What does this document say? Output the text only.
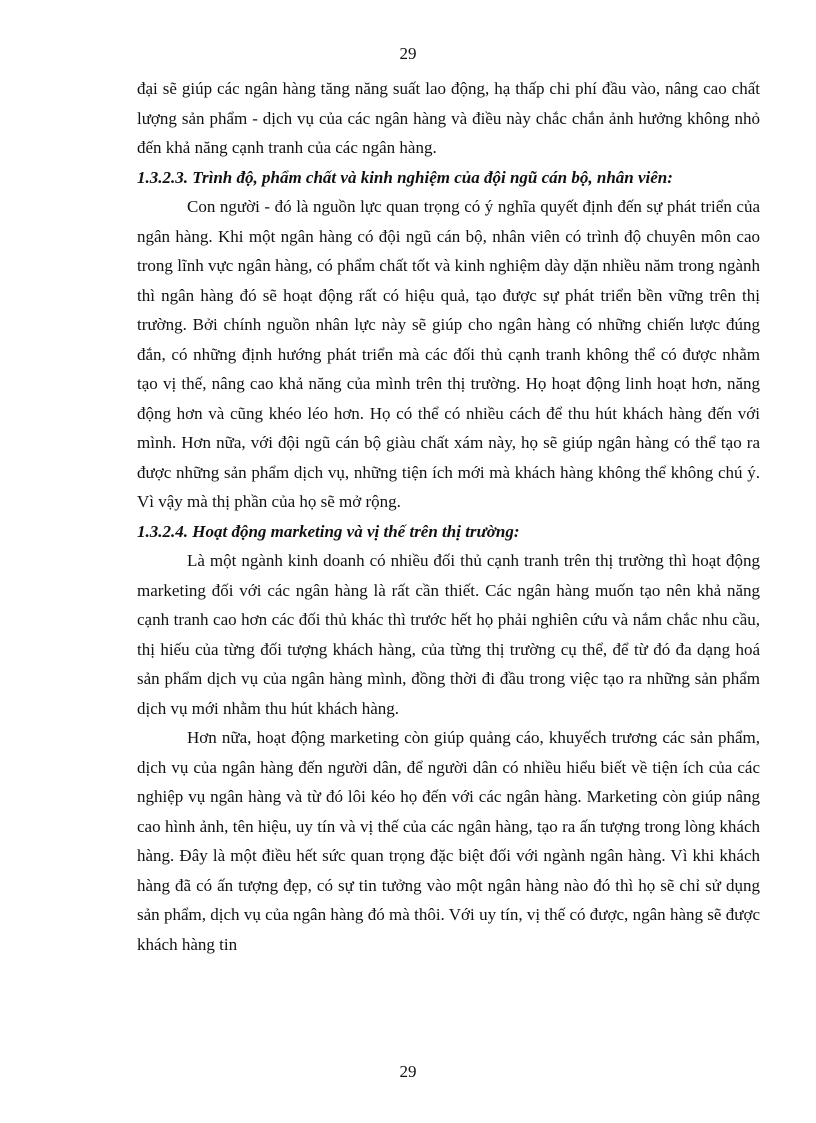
29

đại sẽ giúp các ngân hàng tăng năng suất lao động, hạ thấp chi phí đầu vào, nâng cao chất lượng sản phẩm - dịch vụ của các ngân hàng và điều này chắc chắn ảnh hưởng không nhỏ đến khả năng cạnh tranh của các ngân hàng.

1.3.2.3. Trình độ, phẩm chất và kinh nghiệm của đội ngũ cán bộ, nhân viên:

Con người - đó là nguồn lực quan trọng có ý nghĩa quyết định đến sự phát triển của ngân hàng. Khi một ngân hàng có đội ngũ cán bộ, nhân viên có trình độ chuyên môn cao trong lĩnh vực ngân hàng, có phẩm chất tốt và kinh nghiệm dày dặn nhiều năm trong ngành thì ngân hàng đó sẽ hoạt động rất có hiệu quả, tạo được sự phát triển bền vững trên thị trường. Bởi chính nguồn nhân lực này sẽ giúp cho ngân hàng có những chiến lược đúng đắn, có những định hướng phát triển mà các đối thủ cạnh tranh không thể có được nhằm tạo vị thế, nâng cao khả năng của mình trên thị trường. Họ hoạt động linh hoạt hơn, năng động hơn và cũng khéo léo hơn. Họ có thể có nhiều cách để thu hút khách hàng đến với mình. Hơn nữa, với đội ngũ cán bộ giàu chất xám này, họ sẽ giúp ngân hàng có thể tạo ra được những sản phẩm dịch vụ, những tiện ích mới mà khách hàng không thể không chú ý. Vì vậy mà thị phần của họ sẽ mở rộng.

1.3.2.4. Hoạt động marketing và vị thế trên thị trường:

Là một ngành kinh doanh có nhiều đối thủ cạnh tranh trên thị trường thì hoạt động marketing đối với các ngân hàng là rất cần thiết. Các ngân hàng muốn tạo nên khả năng cạnh tranh cao hơn các đối thủ khác thì trước hết họ phải nghiên cứu và nắm chắc nhu cầu, thị hiếu của từng đối tượng khách hàng, của từng thị trường cụ thể, để từ đó đa dạng hoá sản phẩm dịch vụ của ngân hàng mình, đồng thời đi đầu trong việc tạo ra những sản phẩm dịch vụ mới nhằm thu hút khách hàng.

Hơn nữa, hoạt động marketing còn giúp quảng cáo, khuyếch trương các sản phẩm, dịch vụ của ngân hàng đến người dân, để người dân có nhiều hiểu biết về tiện ích của các nghiệp vụ ngân hàng và từ đó lôi kéo họ đến với các ngân hàng. Marketing còn giúp nâng cao hình ảnh, tên hiệu, uy tín và vị thế của các ngân hàng, tạo ra ấn tượng trong lòng khách hàng. Đây là một điều hết sức quan trọng đặc biệt đối với ngành ngân hàng. Vì khi khách hàng đã có ấn tượng đẹp, có sự tin tưởng vào một ngân hàng nào đó thì họ sẽ chỉ sử dụng sản phẩm, dịch vụ của ngân hàng đó mà thôi. Với uy tín, vị thế có được, ngân hàng sẽ được khách hàng tin

29
